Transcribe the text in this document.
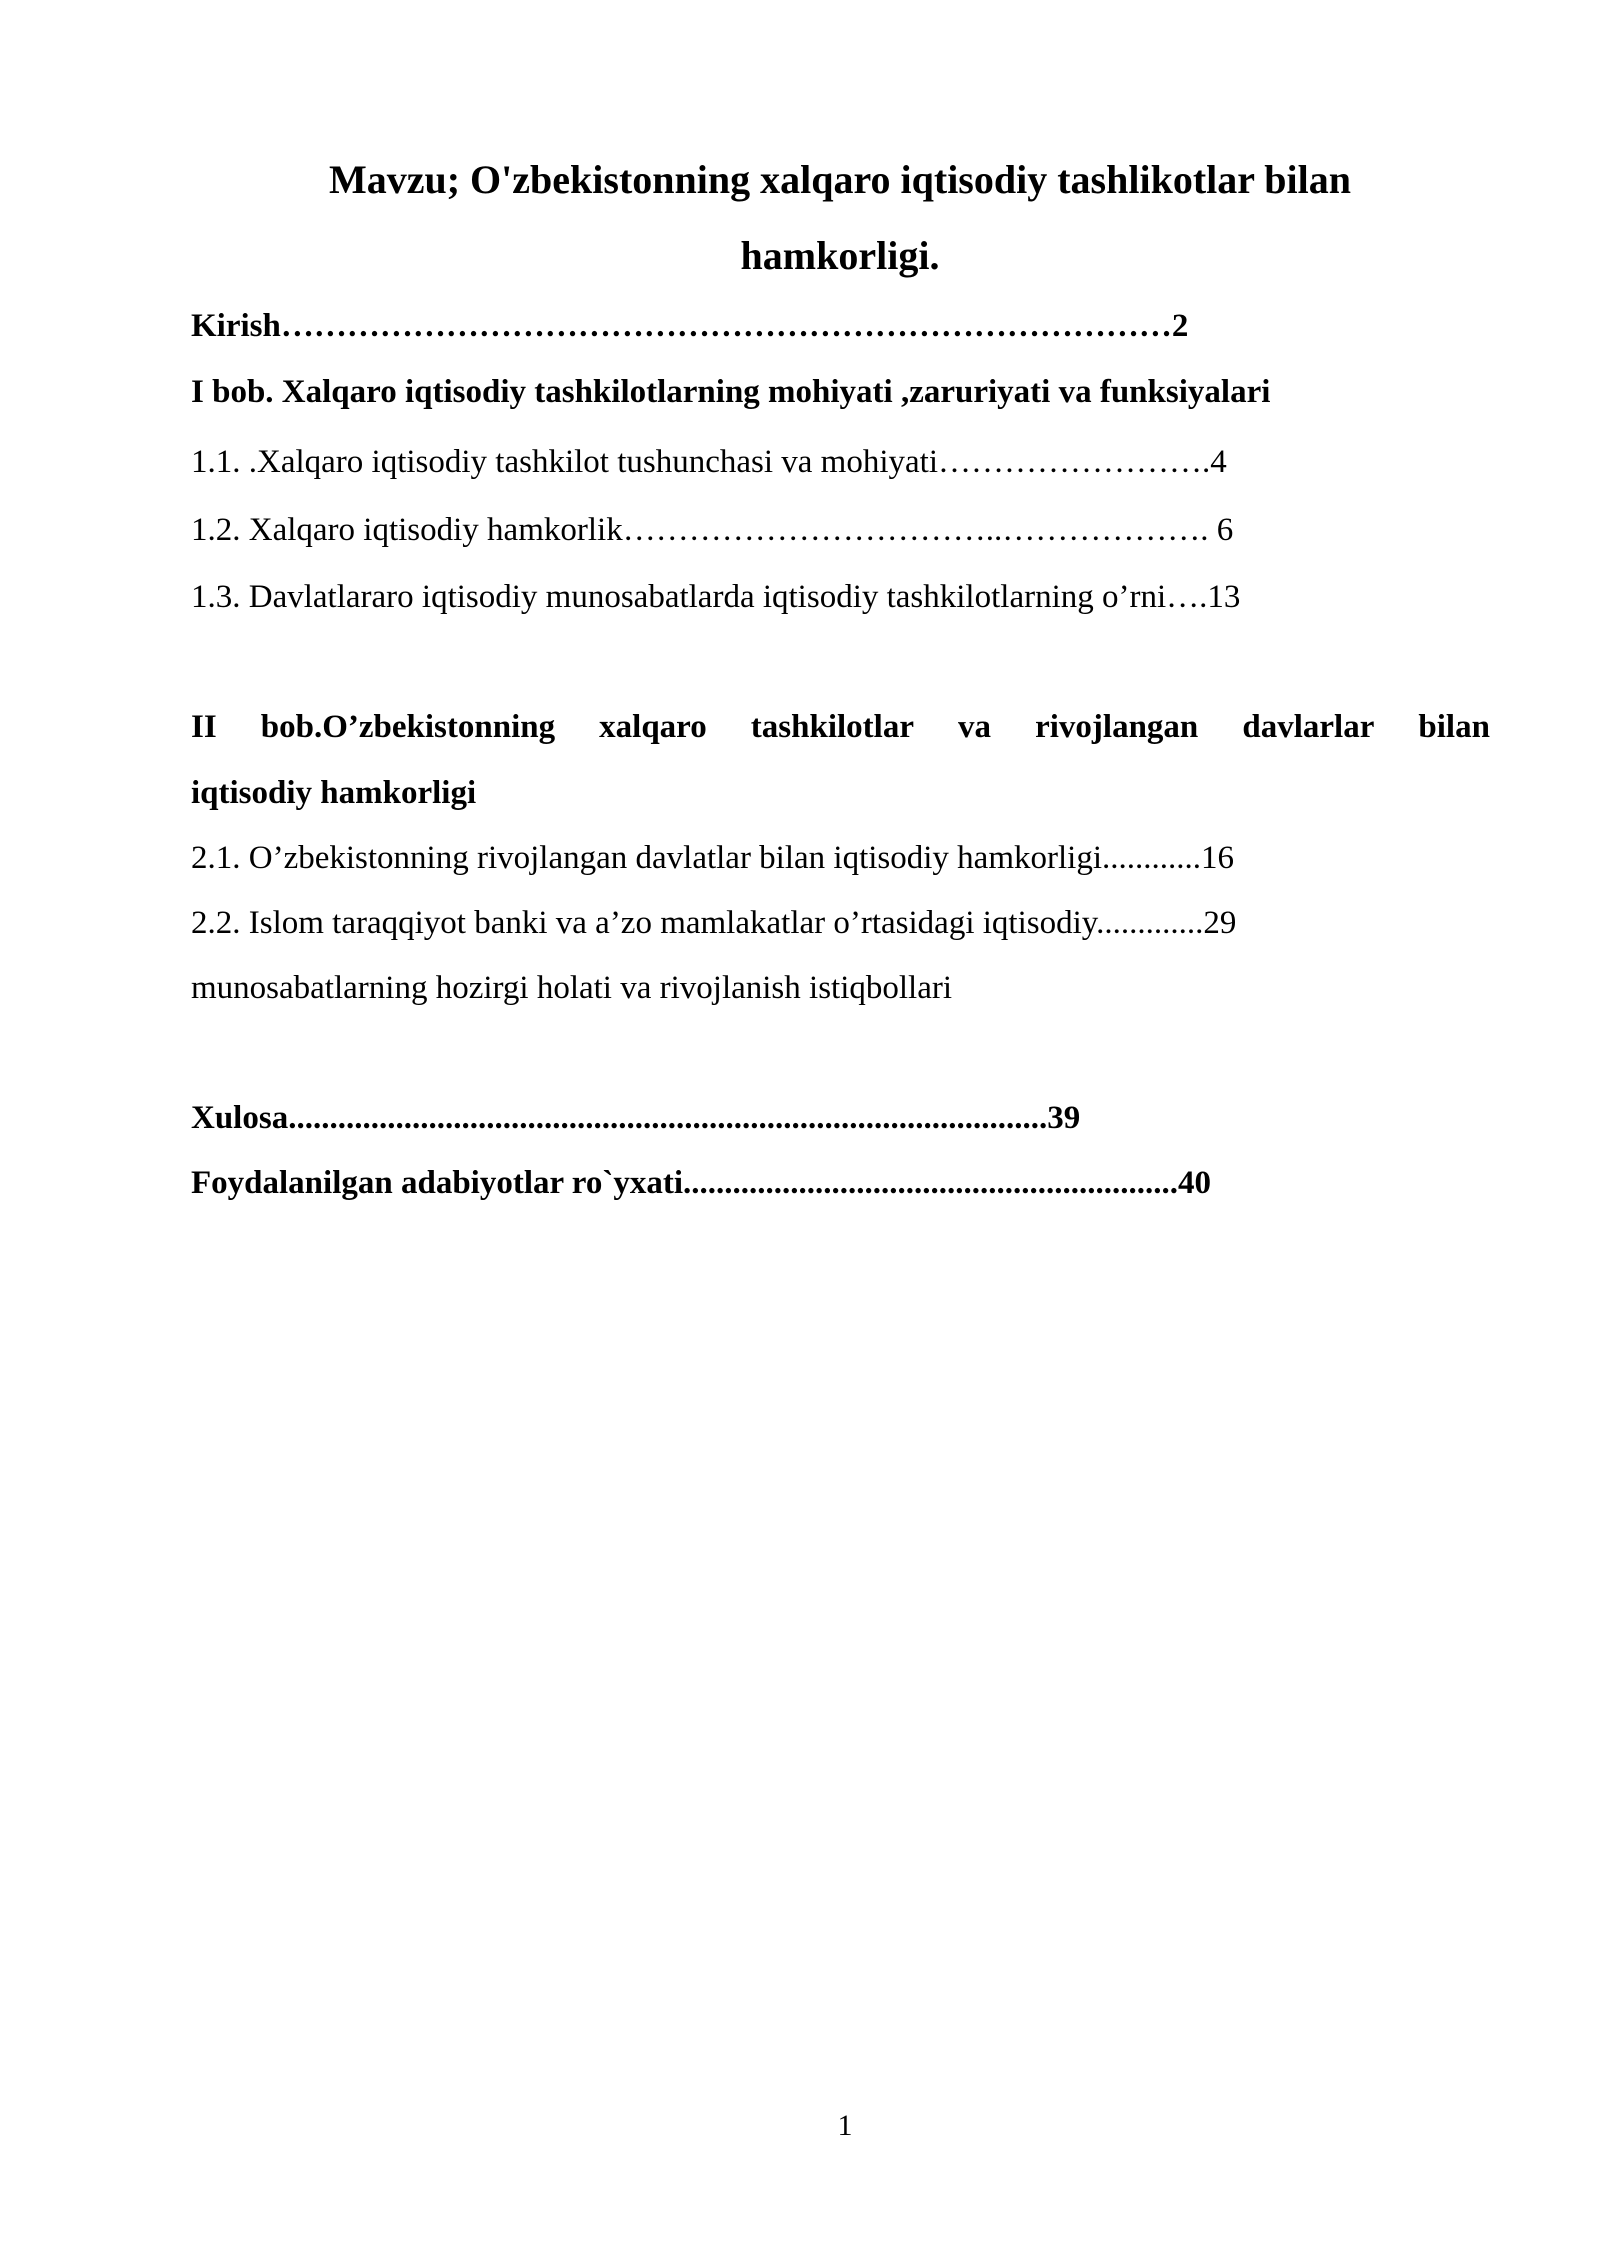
Mavzu; O'zbekistonning xalqaro iqtisodiy tashlikotlar bilan
hamkorligi.
Kirish………………………………………………………………………2
I bob. Xalqaro iqtisodiy tashkilotlarning mohiyati ,zaruriyati va funksiyalari
1.1. .Xalqaro iqtisodiy tashkilot tushunchasi va mohiyati…………………….4
1.2. Xalqaro iqtisodiy hamkorlik……………………………..………………. 6
1.3. Davlatlararo iqtisodiy munosabatlarda iqtisodiy tashkilotlarning o’rni….13
II bob.O’zbekistonning xalqaro tashkilotlar va rivojlangan davlarlar bilan
iqtisodiy hamkorligi
2.1. O’zbekistonning rivojlangan davlatlar bilan iqtisodiy hamkorligi............16
2.2. Islom taraqqiyot banki va a’zo mamlakatlar o’rtasidagi iqtisodiy.............29
munosabatlarning hozirgi holati va rivojlanish istiqbollari
Xulosa............................................................................................39
Foydalanilgan adabiyotlar ro`yxati............................................................40
1
